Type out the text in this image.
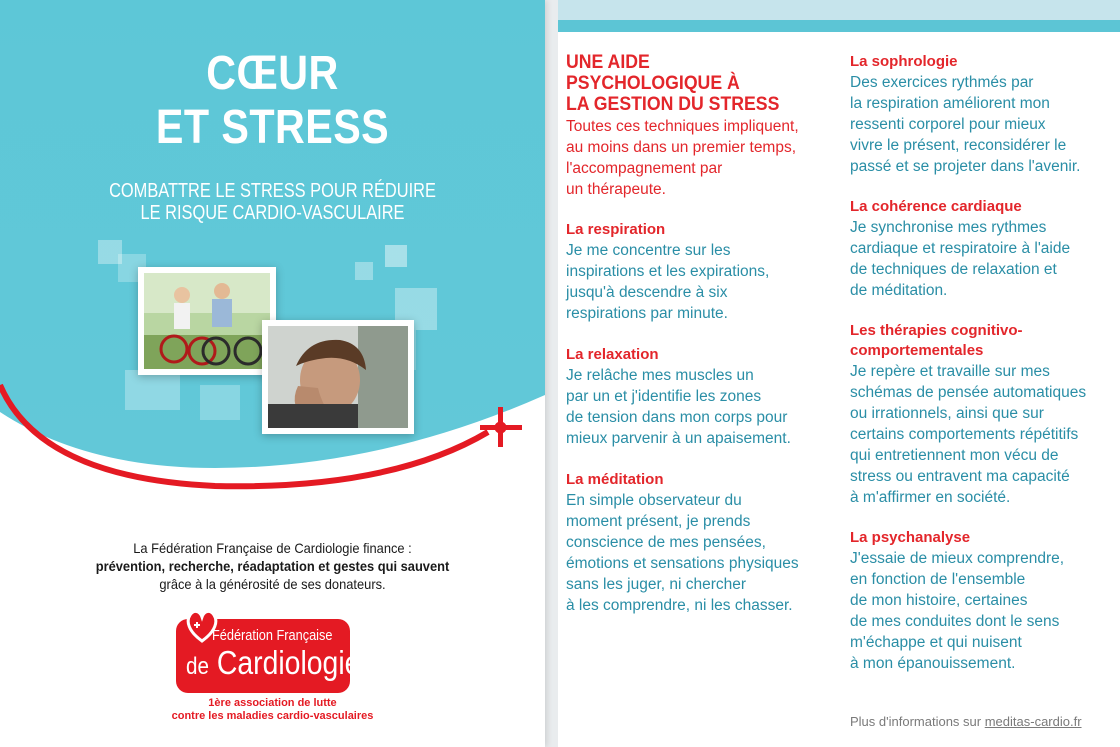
CŒUR
ET STRESS
COMBATTRE LE STRESS POUR RÉDUIRE
LE RISQUE CARDIO-VASCULAIRE
La Fédération Française de Cardiologie finance :
prévention, recherche, réadaptation et gestes qui sauvent
grâce à la générosité de ses donateurs.
Fédération Française
de Cardiologie
1ère association de lutte
contre les maladies cardio-vasculaires
UNE AIDE
PSYCHOLOGIQUE À
LA GESTION DU STRESS
Toutes ces techniques impliquent,
au moins dans un premier temps,
l'accompagnement par
un thérapeute.
La respiration
Je me concentre sur les
inspirations et les expirations,
jusqu'à descendre à six
respirations par minute.
La relaxation
Je relâche mes muscles un
par un et j'identifie les zones
de tension dans mon corps pour
mieux parvenir à un apaisement.
La méditation
En simple observateur du
moment présent, je prends
conscience de mes pensées,
émotions et sensations physiques
sans les juger, ni chercher
à les comprendre, ni les chasser.
La sophrologie
Des exercices rythmés par
la respiration améliorent mon
ressenti corporel pour mieux
vivre le présent, reconsidérer le
passé et se projeter dans l'avenir.
La cohérence cardiaque
Je synchronise mes rythmes
cardiaque et respiratoire à l'aide
de techniques de relaxation et
de méditation.
Les thérapies cognitivo-
comportementales
Je repère et travaille sur mes
schémas de pensée automatiques
ou irrationnels, ainsi que sur
certains comportements répétitifs
qui entretiennent mon vécu de
stress ou entravent ma capacité
à m'affirmer en société.
La psychanalyse
J'essaie de mieux comprendre,
en fonction de l'ensemble
de mon histoire, certaines
de mes conduites dont le sens
m'échappe et qui nuisent
à mon épanouissement.
Plus d'informations sur meditas-cardio.fr
